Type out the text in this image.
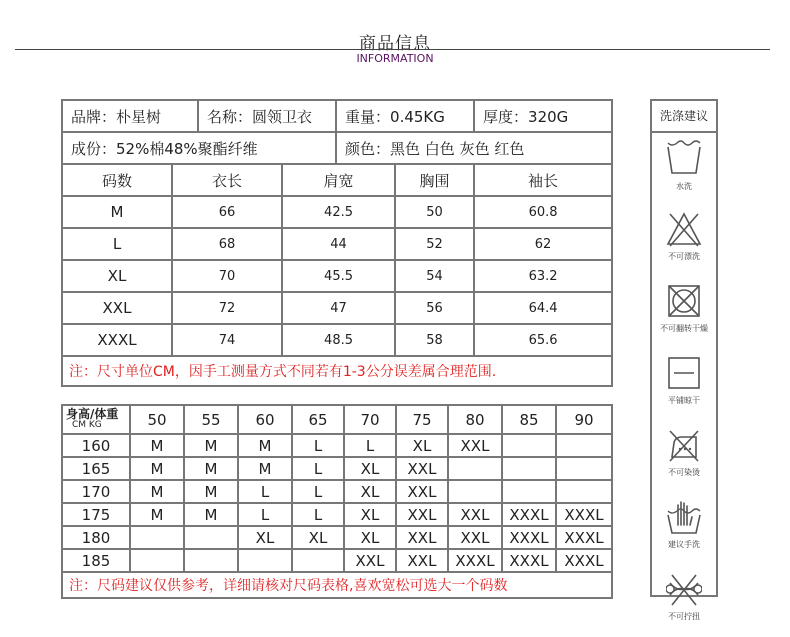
商品信息
INFORMATION
品牌：朴星树		名称：圆领卫衣		重量：0.45KG		厚度：320G
成份：52%棉48%聚酯纤维				颜色：黑色 白色 灰色 红色		
码数	衣长		肩宽		胸围	袖长
M	66		42.5		50	60.8
L	68		44		52	62
XL	70		45.5		54	63.2
XXL	72		47		56	64.4
XXXL	74		48.5		58	65.6
注：尺寸单位CM，因手工测量方式不同若有1-3公分误差属合理范围.						
身高/体重
CM KG	50	55	60	65	70	75	80	85	90
160	M	M	M	L	L	XL	XXL		
165	M	M	M	L	XL	XXL			
170	M	M	L	L	XL	XXL			
175	M	M	L	L	XL	XXL	XXL	XXXL	XXXL
180			XL	XL	XL	XXL	XXL	XXXL	XXXL
185					XXL	XXL	XXXL	XXXL	XXXL
注：尺码建议仅供参考，详细请核对尺码表格,喜欢宽松可选大一个码数									
洗涤建议
水洗
不可漂洗
不可翻转干燥
平铺晾干
不可染烫
建议手洗
不可拧扭
